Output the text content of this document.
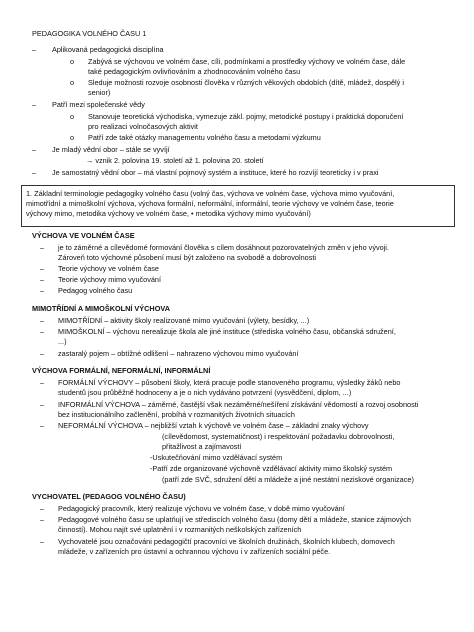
PEDAGOGIKA VOLNÉHO ČASU 1
– Aplikovaná pedagogická disciplína
o Zabývá se výchovou ve volném čase, cíli, podmínkami a prostředky výchovy ve volném čase, dále
také pedagogickým ovlivňováním a zhodnocováním volného času
o Sleduje možnosti rozvoje osobnosti člověka v různých věkových obdobích (dítě, mládež, dospělý i
senior)
– Patří mezi společenské vědy
o Stanovuje teoretická východiska, vymezuje zákl. pojmy, metodické postupy i praktická doporučení
pro realizaci volnočasových aktivit
o Patří zde také otázky managementu volného času a metodami výzkumu
– Je mladý vědní obor – stále se vyvíjí
→ vznik 2. polovina 19. století až 1. polovina 20. století
– Je samostatný vědní obor – má vlastní pojmový systém a instituce, které ho rozvíjí teoreticky i v praxi
1. Základní terminologie pedagogiky volného času (volný čas, výchova ve volném čase, výchova mimo vyučování,
mimotřídní a mimoškolní výchova, výchova formální, neformální, informální, teorie výchovy ve volném čase, teorie
výchovy mimo, metodika výchovy ve volném čase, • metodika výchovy mimo vyučování)
VÝCHOVA VE VOLNÉM ČASE
– je to záměrné a cílevědomé formování člověka s cílem dosáhnout pozorovatelných změn v jeho vývoji.
Zároveň toto výchovné působení musí být založeno na svobodě a dobrovolnosti
– Teorie výchovy ve volném čase
– Teorie výchovy mimo vyučování
– Pedagog volného času
MIMOTŘÍDNÍ A MIMOŠKOLNÍ VÝCHOVA
– MIMOTŘÍDNÍ – aktivity školy realizované mimo vyučování (výlety, besídky, ...)
– MIMOŠKOLNÍ – výchovu nerealizuje škola ale jiné instituce (střediska volného času, občanská sdružení,
...)
– zastaralý pojem – obtížné odlišení – nahrazeno výchovou mimo vyučování
VÝCHOVA FORMÁLNÍ, NEFORMÁLNÍ, INFORMÁLNÍ
– FORMÁLNÍ VÝCHOVY – působení školy, která pracuje podle stanoveného programu, výsledky žáků nebo
studentů jsou průběžně hodnoceny a je o nich vydáváno potvrzení (vysvědčení, diplom, ...)
– INFORMÁLNÍ VÝCHOVA – záměrné, častější však nezáměrné/nešíření získávání vědomostí a rozvoj osobnosti
bez institucionálního začlenění, probíhá v rozmanitých životních situacích
– NEFORMÁLNÍ VÝCHOVA – nejbližší vztah k výchově ve volném čase – základní znaky výchovy
(cílevědomost, systematičnost) i respektování požadavku dobrovolnosti,
přitažlivost a zajímavostí
-Uskutečňování mimo vzdělávací systém
-Patří zde organizované výchovně vzdělávací aktivity mimo školský systém
(patří zde SVČ, sdružení dětí a mládeže a jiné nestátní neziskové organizace)
VYCHOVATEL (PEDAGOG VOLNÉHO ČASU)
– Pedagogický pracovník, který realizuje výchovu ve volném čase, v době mimo vyučování
– Pedagogové volného času se uplatňují ve střediscích volného času (domy dětí a mládeže, stanice zájmových
činností). Mohou najít své uplatnění i v rozmanitých neškolských zařízeních
– Vychovatelé jsou označováni pedagogičtí pracovníci ve školních družinách, školních klubech, domovech
mládeže, v zařízeních pro ústavní a ochrannou výchovu i v zařízeních sociální péče.
